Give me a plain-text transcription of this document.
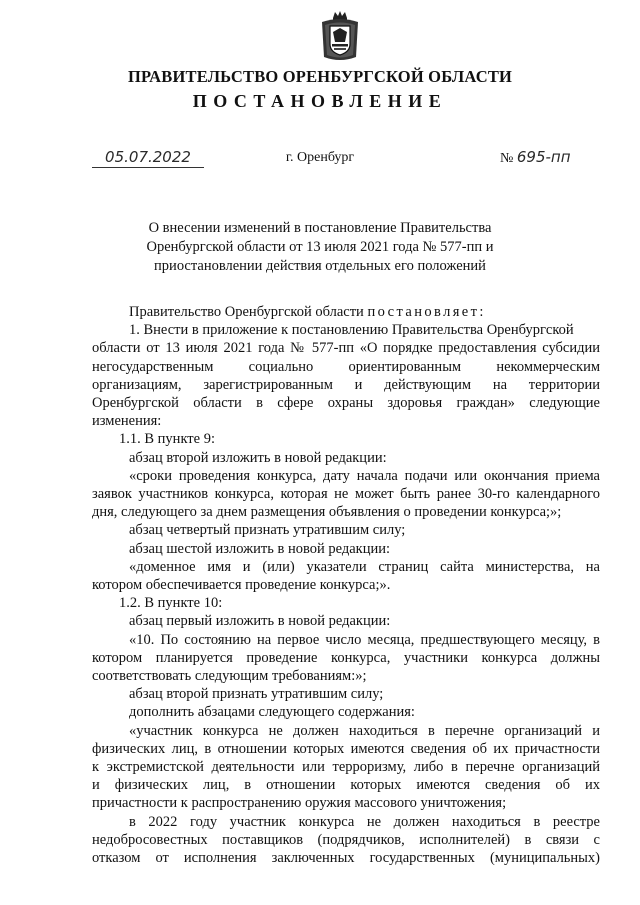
ПРАВИТЕЛЬСТВО ОРЕНБУРГСКОЙ ОБЛАСТИ
ПОСТАНОВЛЕНИЕ
05.07.2022	г. Оренбург	№ 695-пп
О внесении изменений в постановление Правительства
Оренбургской области от 13 июля 2021 года № 577-пп и
приостановлении действия отдельных его положений

Правительство Оренбургской области постановляет:

1. Внести в приложение к постановлению Правительства Оренбургской

области от 13 июля 2021 года № 577-пп «О порядке предоставления субсидии

негосударственным социально ориентированным некоммерческим

организациям, зарегистрированным и действующим на территории

Оренбургской области в сфере охраны здоровья граждан» следующие

изменения:

1.1. В пункте 9:

абзац второй изложить в новой редакции:

«сроки проведения конкурса, дату начала подачи или окончания приема

заявок участников конкурса, которая не может быть ранее 30-го календарного

дня, следующего за днем размещения объявления о проведении конкурса;»;

абзац четвертый признать утратившим силу;

абзац шестой изложить в новой редакции:

«доменное имя и (или) указатели страниц сайта министерства, на

котором обеспечивается проведение конкурса;».

1.2. В пункте 10:

абзац первый изложить в новой редакции:

«10. По состоянию на первое число месяца, предшествующего месяцу, в

котором планируется проведение конкурса, участники конкурса должны

соответствовать следующим требованиям:»;

абзац второй признать утратившим силу;

дополнить абзацами следующего содержания:

«участник конкурса не должен находиться в перечне организаций и

физических лиц, в отношении которых имеются сведения об их причастности

к экстремистской деятельности или терроризму, либо в перечне организаций

и физических лиц, в отношении которых имеются сведения об их

причастности к распространению оружия массового уничтожения;

в 2022 году участник конкурса не должен находиться в реестре

недобросовестных поставщиков (подрядчиков, исполнителей) в связи с

отказом от исполнения заключенных государственных (муниципальных)
